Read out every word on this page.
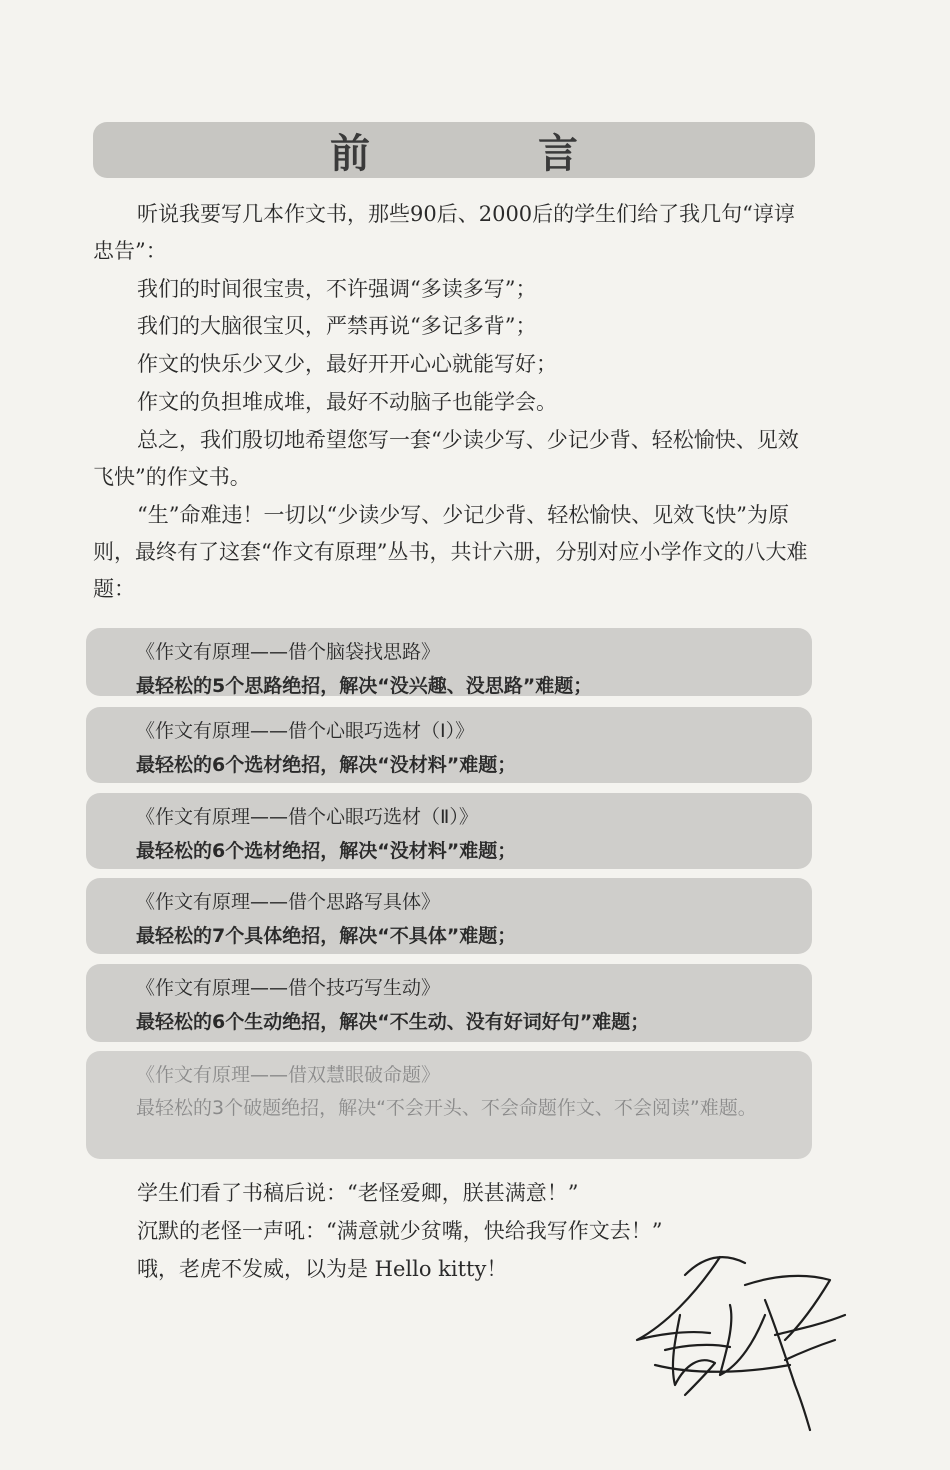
前　言

听说我要写几本作文书，那些90后、2000后的学生们给了我几句“谆谆忠告”：

我们的时间很宝贵，不许强调“多读多写”；
我们的大脑很宝贝，严禁再说“多记多背”；
作文的快乐少又少，最好开开心心就能写好；
作文的负担堆成堆，最好不动脑子也能学会。

总之，我们殷切地希望您写一套“少读少写、少记少背、轻松愉快、见效飞快”的作文书。

“生”命难违！一切以“少读少写、少记少背、轻松愉快、见效飞快”为原则，最终有了这套“作文有原理”丛书，共计六册，分别对应小学作文的八大难题：

《作文有原理——借个脑袋找思路》
最轻松的5个思路绝招，解决“没兴趣、没思路”难题；
《作文有原理——借个心眼巧选材（Ⅰ）》
最轻松的6个选材绝招，解决“没材料”难题；
《作文有原理——借个心眼巧选材（Ⅱ）》
最轻松的6个选材绝招，解决“没材料”难题；
《作文有原理——借个思路写具体》
最轻松的7个具体绝招，解决“不具体”难题；
《作文有原理——借个技巧写生动》
最轻松的6个生动绝招，解决“不生动、没有好词好句”难题；
《作文有原理——借双慧眼破命题》
最轻松的3个破题绝招，解决“不会开头、不会命题作文、不会阅读”难题。
学生们看了书稿后说：“老怪爱卿，朕甚满意！”
沉默的老怪一声吼：“满意就少贫嘴，快给我写作文去！”
哦，老虎不发威，以为是 Hello kitty！
